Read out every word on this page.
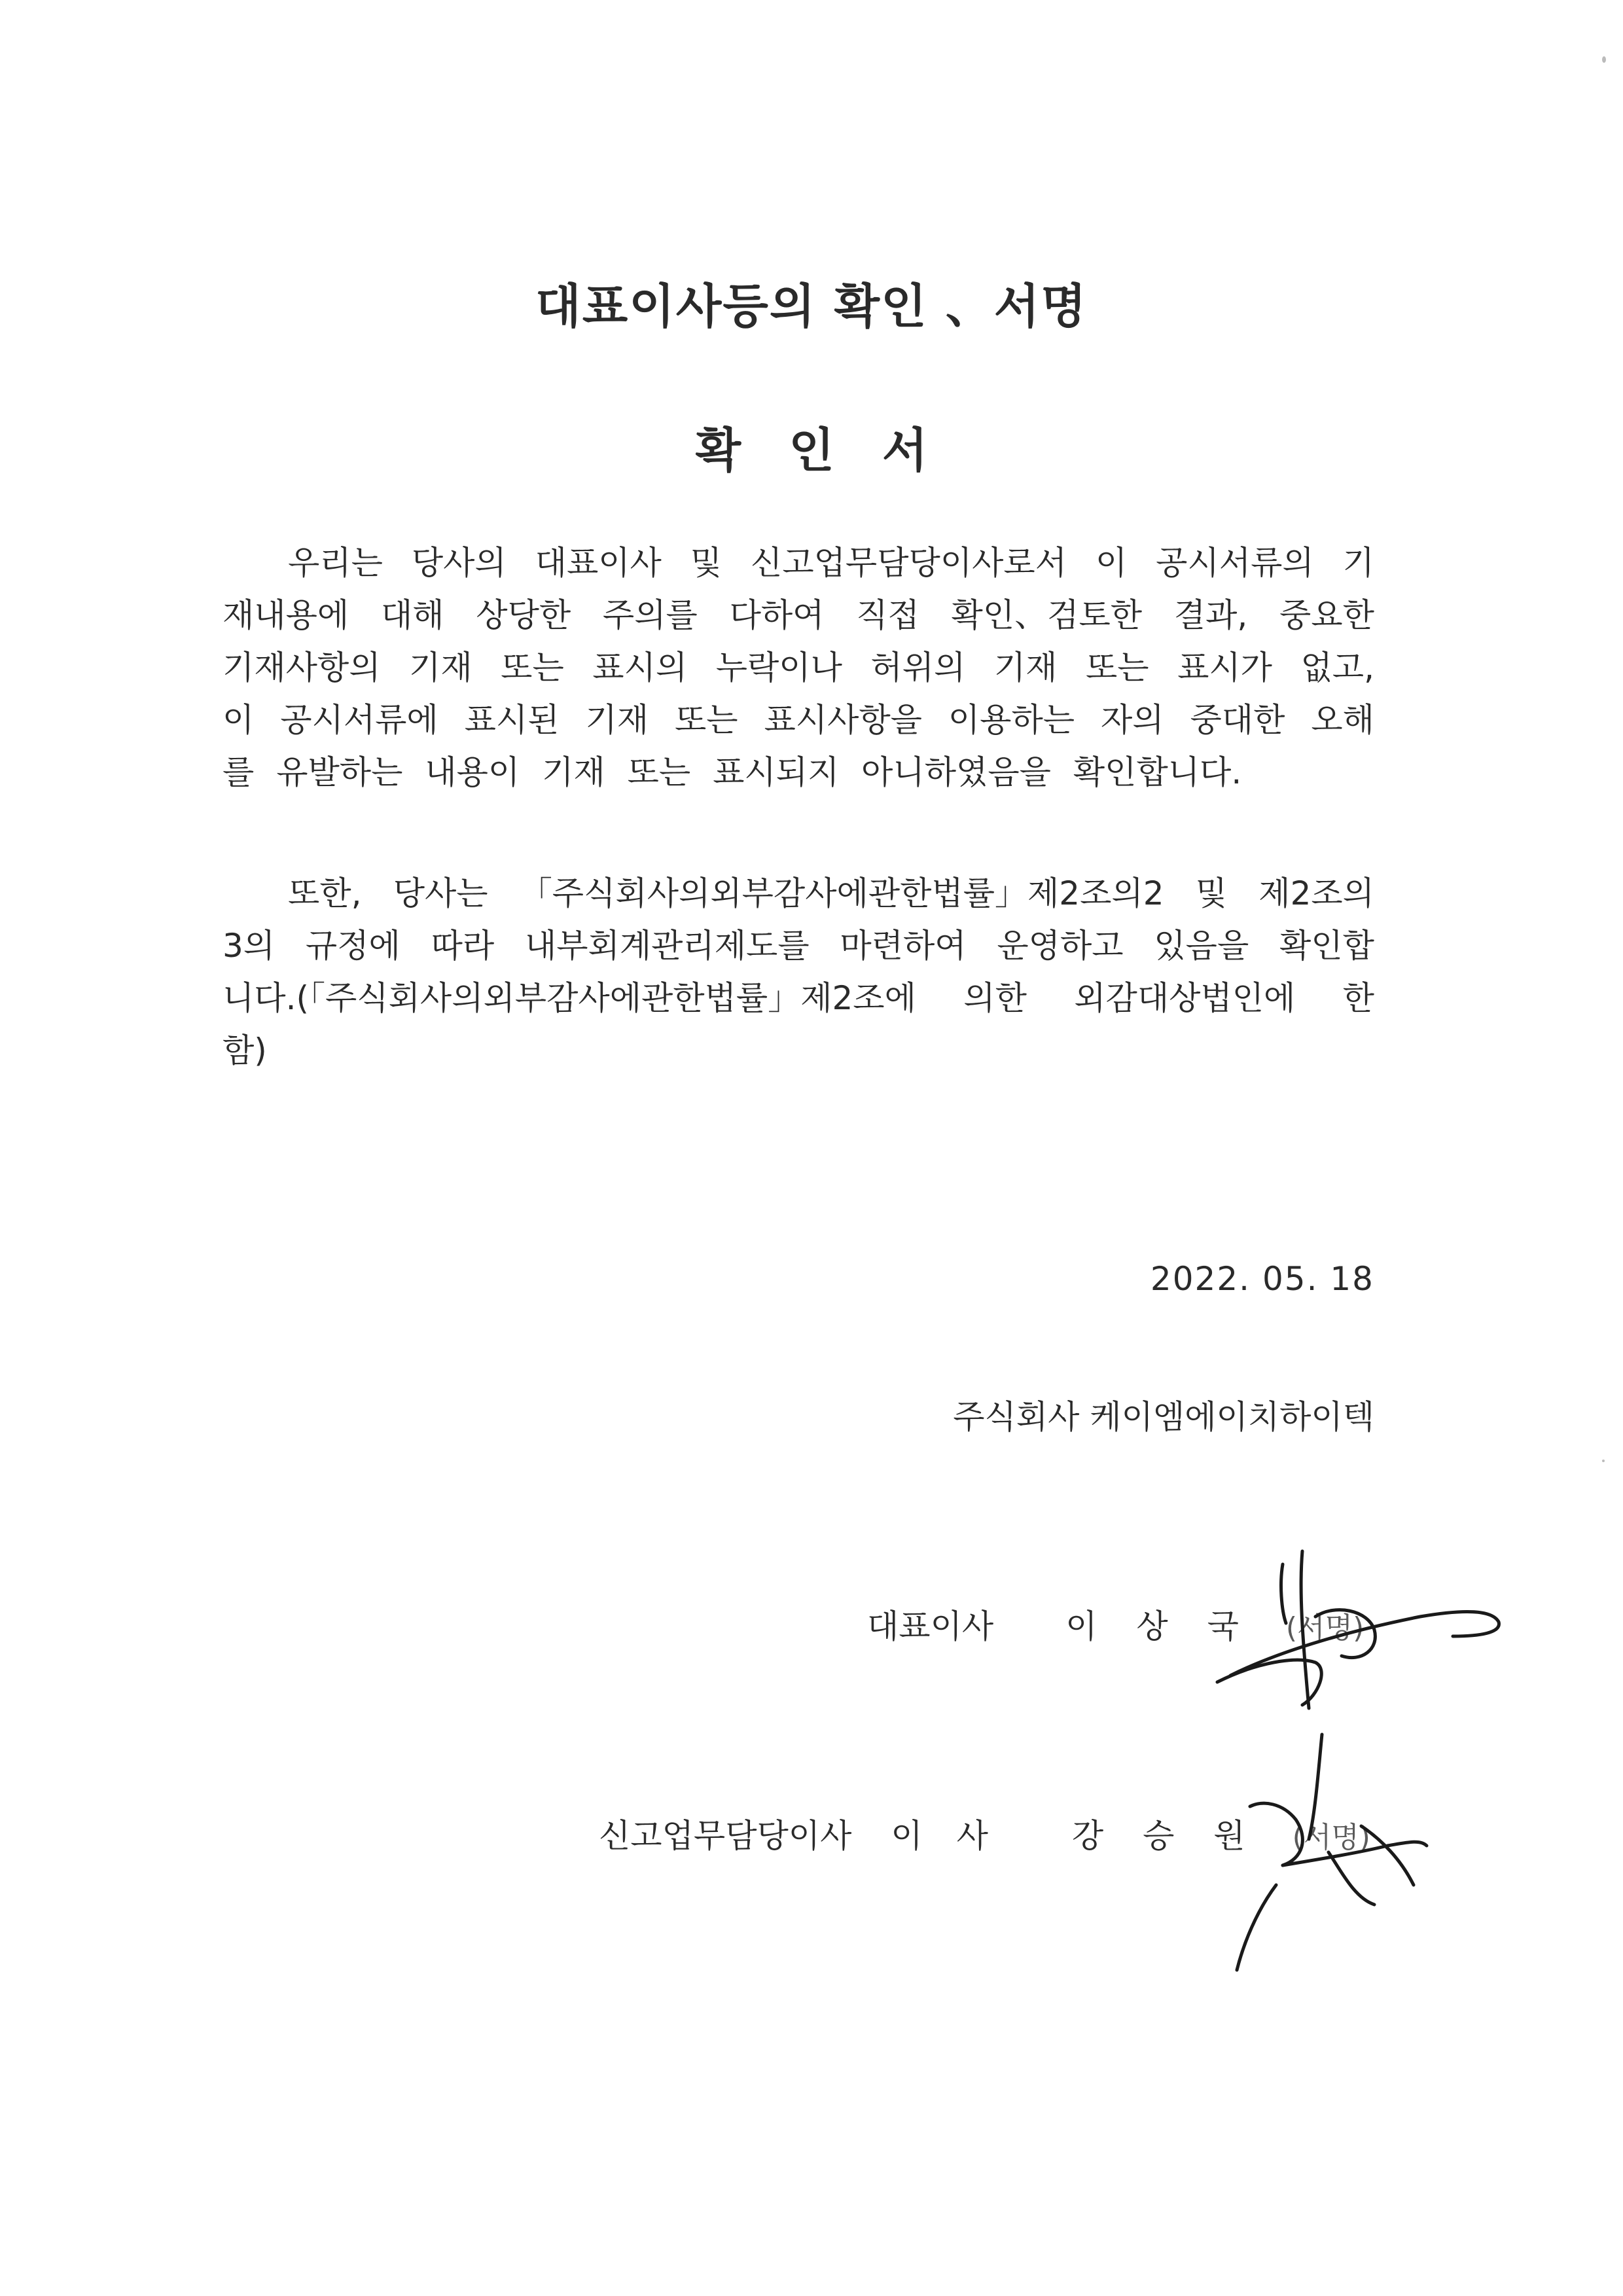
대표이사등의 확인 、서명
확 인 서
우리는 당사의 대표이사 및 신고업무담당이사로서 이 공시서류의 기
재내용에 대해 상당한 주의를 다하여 직접 확인、검토한 결과, 중요한
기재사항의 기재 또는 표시의 누락이나 허위의 기재 또는 표시가 없고,
이 공시서류에 표시된 기재 또는 표시사항을 이용하는 자의 중대한 오해
를 유발하는 내용이 기재 또는 표시되지 아니하였음을 확인합니다.
또한, 당사는 「주식회사의외부감사에관한법률」제2조의2 및 제2조의
3의 규정에 따라 내부회계관리제도를 마련하여 운영하고 있음을 확인합
니다.(「주식회사의외부감사에관한법률」제2조에 의한 외감대상법인에 한
함)
2022. 05. 18
주식회사 케이엠에이치하이텍
대표이사 이 상 국 (서명)
신고업무담당이사 이 사 강 승 원 (서명)
